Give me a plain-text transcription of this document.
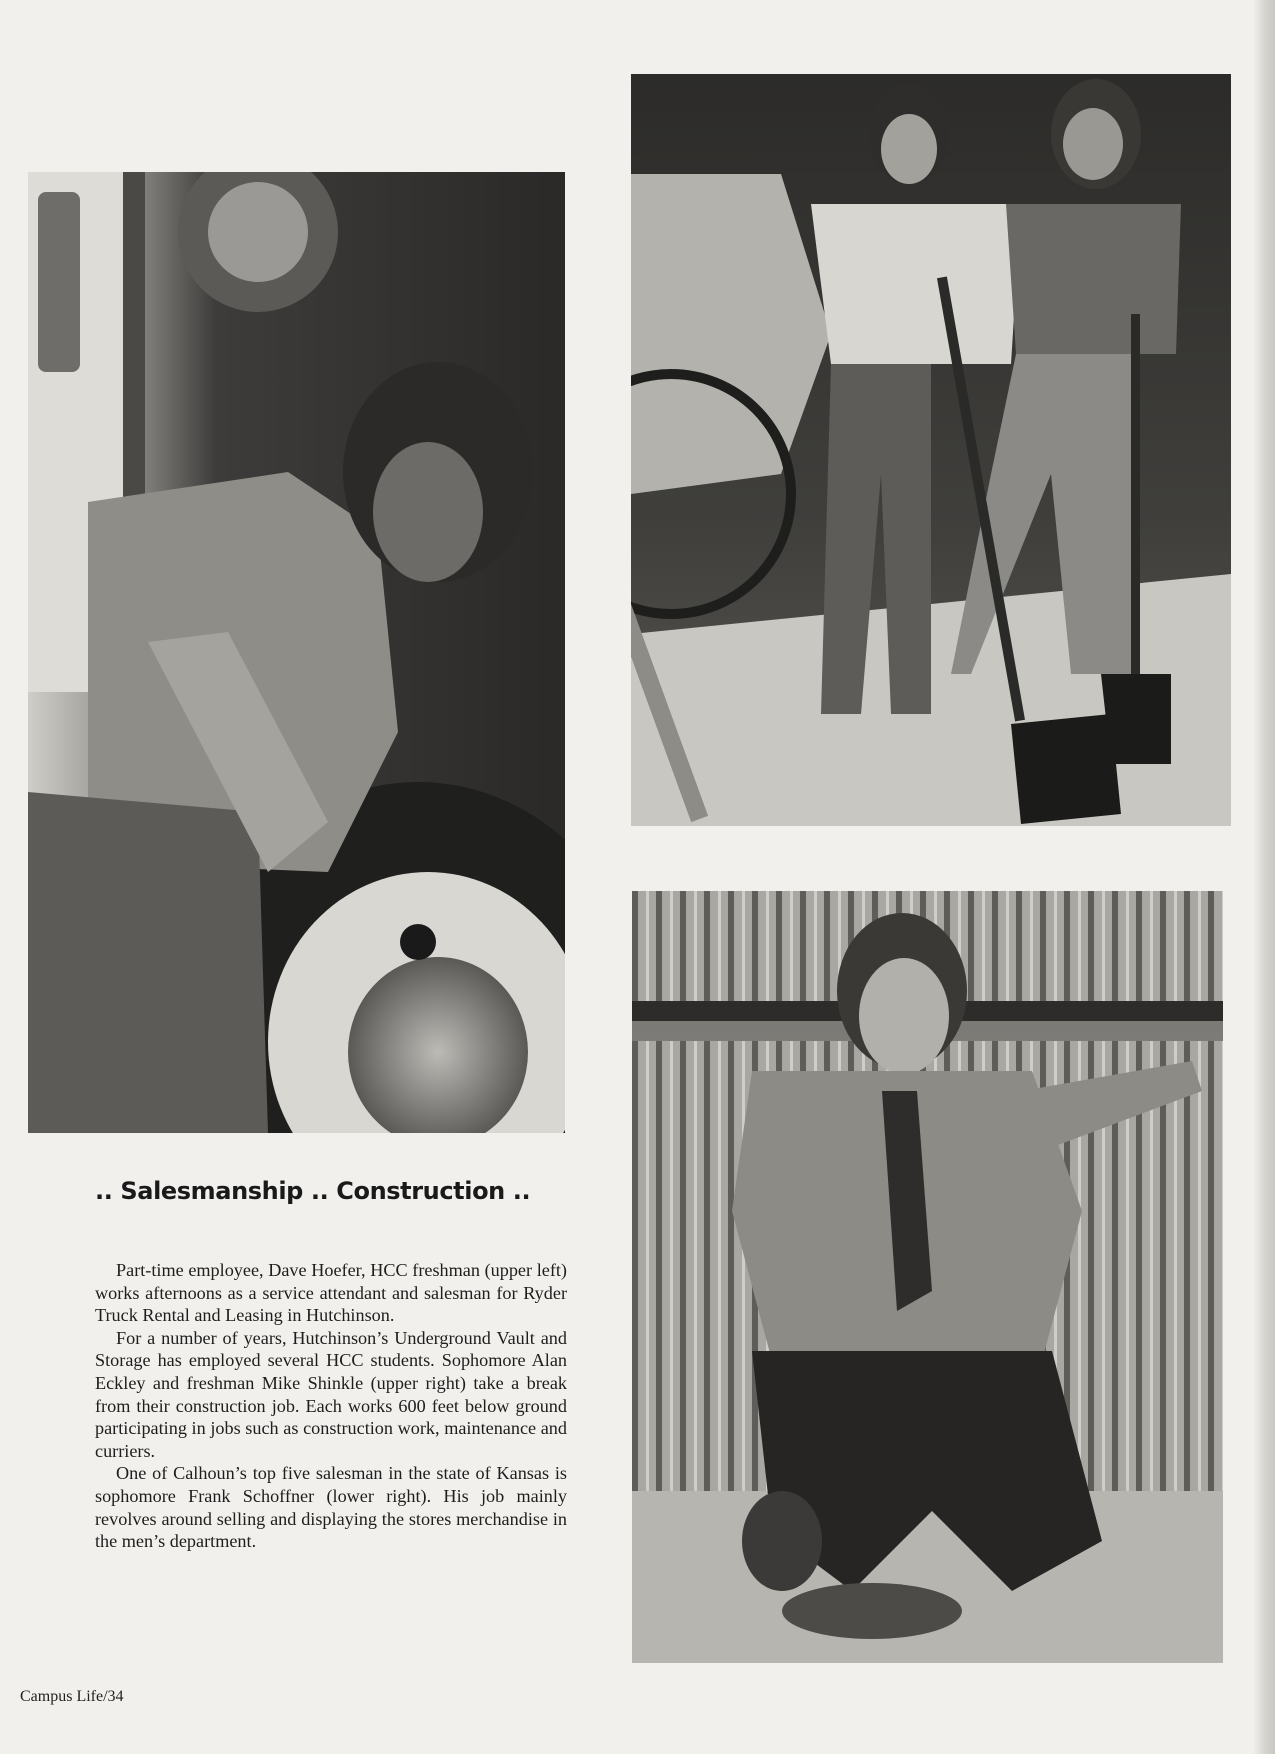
.. Salesmanship .. Construction ..

Part-time employee, Dave Hoefer, HCC freshman (upper left) works afternoons as a service attendant and salesman for Ryder Truck Rental and Leasing in Hutchinson.

For a number of years, Hutchinson’s Underground Vault and Storage has employed several HCC students. Sophomore Alan Eckley and freshman Mike Shinkle (upper right) take a break from their construction job. Each works 600 feet below ground participating in jobs such as construction work, maintenance and curriers.

One of Calhoun’s top five salesman in the state of Kansas is sophomore Frank Schoffner (lower right). His job mainly revolves around selling and displaying the stores merchandise in the men’s department.

Campus Life/34
